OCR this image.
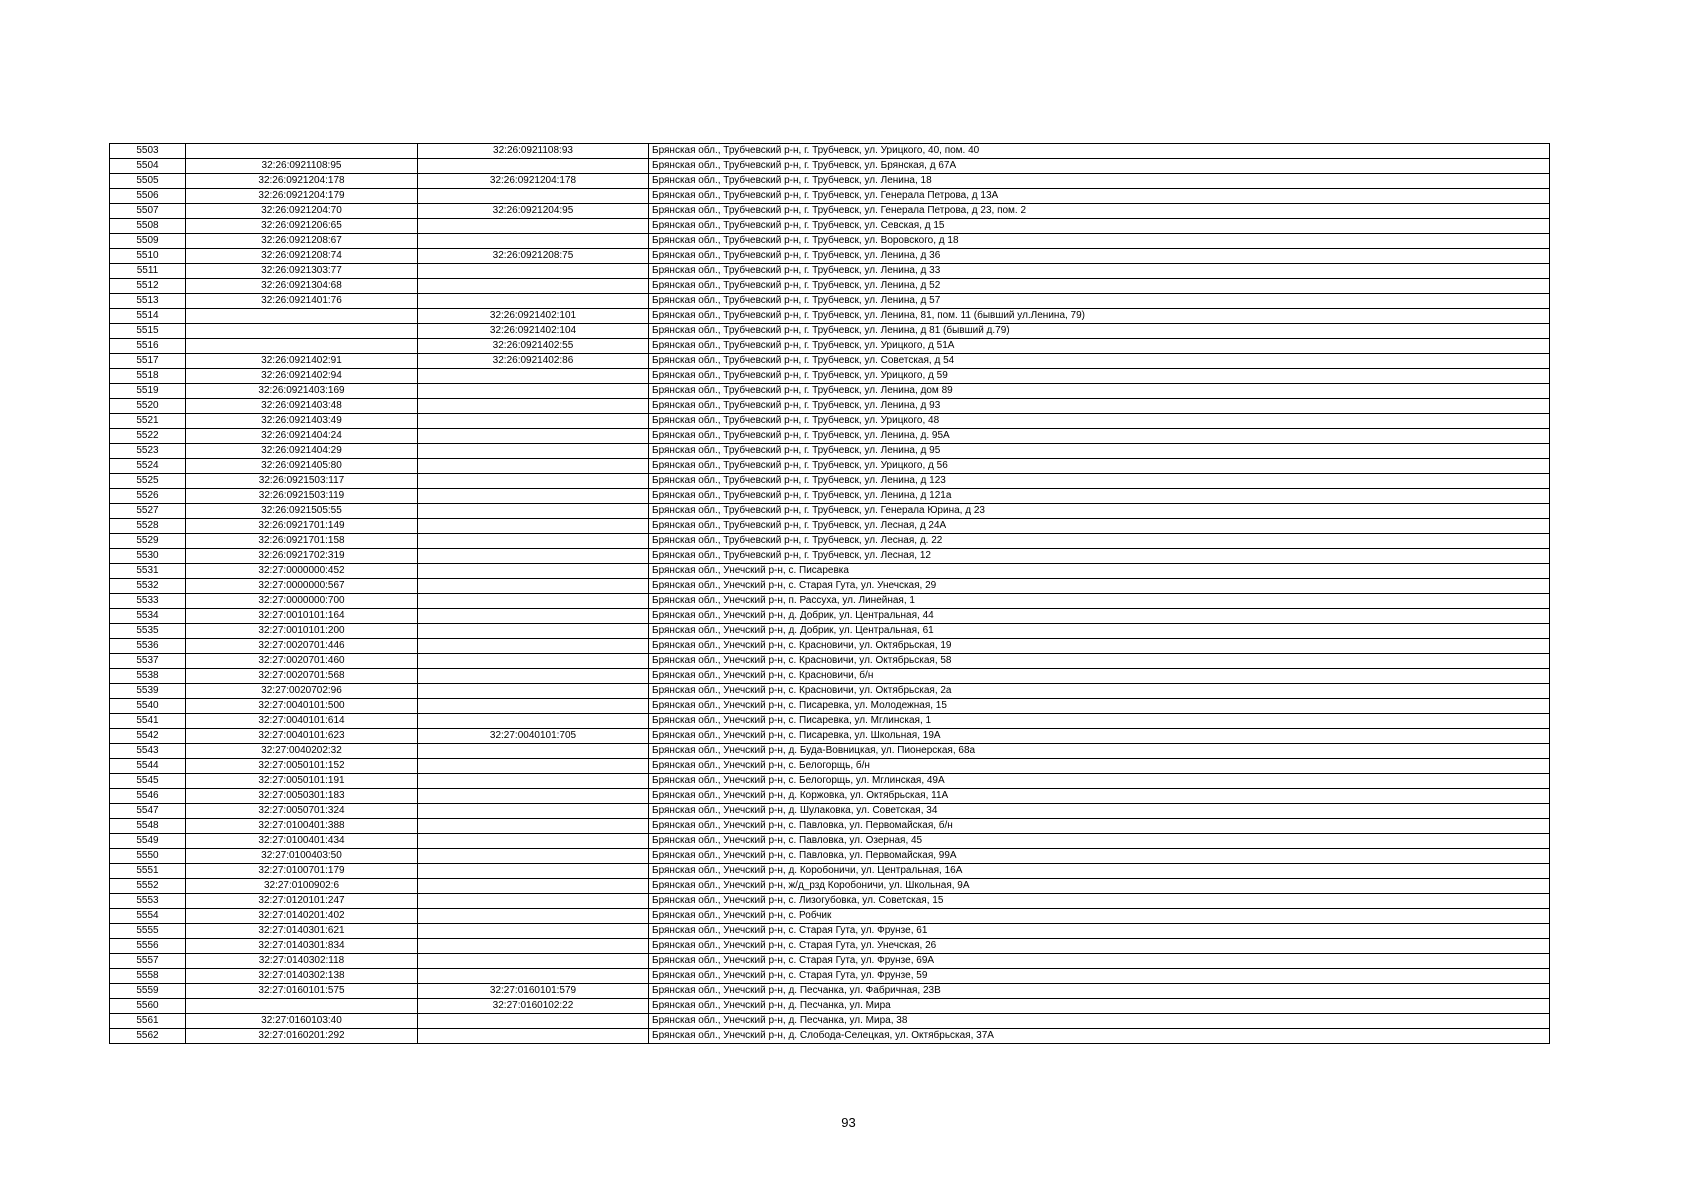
5503		32:26:0921108:93	Брянская обл., Трубчевский р-н, г. Трубчевск, ул. Урицкого, 40, пом. 40
5504	32:26:0921108:95		Брянская обл., Трубчевский р-н, г. Трубчевск, ул. Брянская, д 67А
5505	32:26:0921204:178	32:26:0921204:178	Брянская обл., Трубчевский р-н, г. Трубчевск, ул. Ленина, 18
5506	32:26:0921204:179		Брянская обл., Трубчевский р-н, г. Трубчевск, ул. Генерала Петрова, д 13А
5507	32:26:0921204:70	32:26:0921204:95	Брянская обл., Трубчевский р-н, г. Трубчевск, ул. Генерала Петрова, д 23, пом. 2
5508	32:26:0921206:65		Брянская обл., Трубчевский р-н, г. Трубчевск, ул. Севская, д 15
5509	32:26:0921208:67		Брянская обл., Трубчевский р-н, г. Трубчевск, ул. Воровского, д 18
5510	32:26:0921208:74	32:26:0921208:75	Брянская обл., Трубчевский р-н, г. Трубчевск, ул. Ленина, д 36
5511	32:26:0921303:77		Брянская обл., Трубчевский р-н, г. Трубчевск, ул. Ленина, д 33
5512	32:26:0921304:68		Брянская обл., Трубчевский р-н, г. Трубчевск, ул. Ленина, д 52
5513	32:26:0921401:76		Брянская обл., Трубчевский р-н, г. Трубчевск, ул. Ленина, д 57
5514		32:26:0921402:101	Брянская обл., Трубчевский р-н, г. Трубчевск, ул. Ленина, 81, пом. 11 (бывший ул.Ленина, 79)
5515		32:26:0921402:104	Брянская обл., Трубчевский р-н, г. Трубчевск, ул. Ленина, д 81 (бывший д.79)
5516		32:26:0921402:55	Брянская обл., Трубчевский р-н, г. Трубчевск, ул. Урицкого, д 51А
5517	32:26:0921402:91	32:26:0921402:86	Брянская обл., Трубчевский р-н, г. Трубчевск, ул. Советская, д 54
5518	32:26:0921402:94		Брянская обл., Трубчевский р-н, г. Трубчевск, ул. Урицкого, д 59
5519	32:26:0921403:169		Брянская обл., Трубчевский р-н, г. Трубчевск, ул. Ленина, дом 89
5520	32:26:0921403:48		Брянская обл., Трубчевский р-н, г. Трубчевск, ул. Ленина, д 93
5521	32:26:0921403:49		Брянская обл., Трубчевский р-н, г. Трубчевск, ул. Урицкого, 48
5522	32:26:0921404:24		Брянская обл., Трубчевский р-н, г. Трубчевск, ул. Ленина, д. 95А
5523	32:26:0921404:29		Брянская обл., Трубчевский р-н, г. Трубчевск, ул. Ленина, д 95
5524	32:26:0921405:80		Брянская обл., Трубчевский р-н, г. Трубчевск, ул. Урицкого, д 56
5525	32:26:0921503:117		Брянская обл., Трубчевский р-н, г. Трубчевск, ул. Ленина, д 123
5526	32:26:0921503:119		Брянская обл., Трубчевский р-н, г. Трубчевск, ул. Ленина, д 121а
5527	32:26:0921505:55		Брянская обл., Трубчевский р-н, г. Трубчевск, ул. Генерала Юрина, д 23
5528	32:26:0921701:149		Брянская обл., Трубчевский р-н, г. Трубчевск, ул. Лесная, д 24А
5529	32:26:0921701:158		Брянская обл., Трубчевский р-н, г. Трубчевск, ул. Лесная, д. 22
5530	32:26:0921702:319		Брянская обл., Трубчевский р-н, г. Трубчевск, ул. Лесная, 12
5531	32:27:0000000:452		Брянская обл., Унечский р-н, с. Писаревка
5532	32:27:0000000:567		Брянская обл., Унечский р-н, с. Старая Гута, ул. Унечская, 29
5533	32:27:0000000:700		Брянская обл., Унечский р-н, п. Рассуха, ул. Линейная, 1
5534	32:27:0010101:164		Брянская обл., Унечский р-н, д. Добрик, ул. Центральная, 44
5535	32:27:0010101:200		Брянская обл., Унечский р-н, д. Добрик, ул. Центральная, 61
5536	32:27:0020701:446		Брянская обл., Унечский р-н, с. Красновичи, ул. Октябрьская, 19
5537	32:27:0020701:460		Брянская обл., Унечский р-н, с. Красновичи, ул. Октябрьская, 58
5538	32:27:0020701:568		Брянская обл., Унечский р-н, с. Красновичи, б/н
5539	32:27:0020702:96		Брянская обл., Унечский р-н, с. Красновичи, ул. Октябрьская, 2а
5540	32:27:0040101:500		Брянская обл., Унечский р-н, с. Писаревка, ул. Молодежная, 15
5541	32:27:0040101:614		Брянская обл., Унечский р-н, с. Писаревка, ул. Мглинская, 1
5542	32:27:0040101:623	32:27:0040101:705	Брянская обл., Унечский р-н, с. Писаревка, ул. Школьная, 19А
5543	32:27:0040202:32		Брянская обл., Унечский р-н, д. Буда-Вовницкая, ул. Пионерская, 68а
5544	32:27:0050101:152		Брянская обл., Унечский р-н, с. Белогорщь, б/н
5545	32:27:0050101:191		Брянская обл., Унечский р-н, с. Белогорщь, ул. Мглинская, 49А
5546	32:27:0050301:183		Брянская обл., Унечский р-н, д. Коржовка, ул. Октябрьская, 11А
5547	32:27:0050701:324		Брянская обл., Унечский р-н, д. Шулаковка, ул. Советская, 34
5548	32:27:0100401:388		Брянская обл., Унечский р-н, с. Павловка, ул. Первомайская, б/н
5549	32:27:0100401:434		Брянская обл., Унечский р-н, с. Павловка, ул. Озерная, 45
5550	32:27:0100403:50		Брянская обл., Унечский р-н, с. Павловка, ул. Первомайская, 99А
5551	32:27:0100701:179		Брянская обл., Унечский р-н, д. Коробоничи, ул. Центральная, 16А
5552	32:27:0100902:6		Брянская обл., Унечский р-н, ж/д_рзд Коробоничи, ул. Школьная, 9А
5553	32:27:0120101:247		Брянская обл., Унечский р-н, с. Лизогубовка, ул. Советская, 15
5554	32:27:0140201:402		Брянская обл., Унечский р-н, с. Робчик
5555	32:27:0140301:621		Брянская обл., Унечский р-н, с. Старая Гута, ул. Фрунзе, 61
5556	32:27:0140301:834		Брянская обл., Унечский р-н, с. Старая Гута, ул. Унечская, 26
5557	32:27:0140302:118		Брянская обл., Унечский р-н, с. Старая Гута, ул. Фрунзе, 69А
5558	32:27:0140302:138		Брянская обл., Унечский р-н, с. Старая Гута, ул. Фрунзе, 59
5559	32:27:0160101:575	32:27:0160101:579	Брянская обл., Унечский р-н, д. Песчанка, ул. Фабричная, 23В
5560		32:27:0160102:22	Брянская обл., Унечский р-н, д. Песчанка, ул. Мира
5561	32:27:0160103:40		Брянская обл., Унечский р-н, д. Песчанка, ул. Мира, 38
5562	32:27:0160201:292		Брянская обл., Унечский р-н, д. Слобода-Селецкая, ул. Октябрьская, 37А
93
